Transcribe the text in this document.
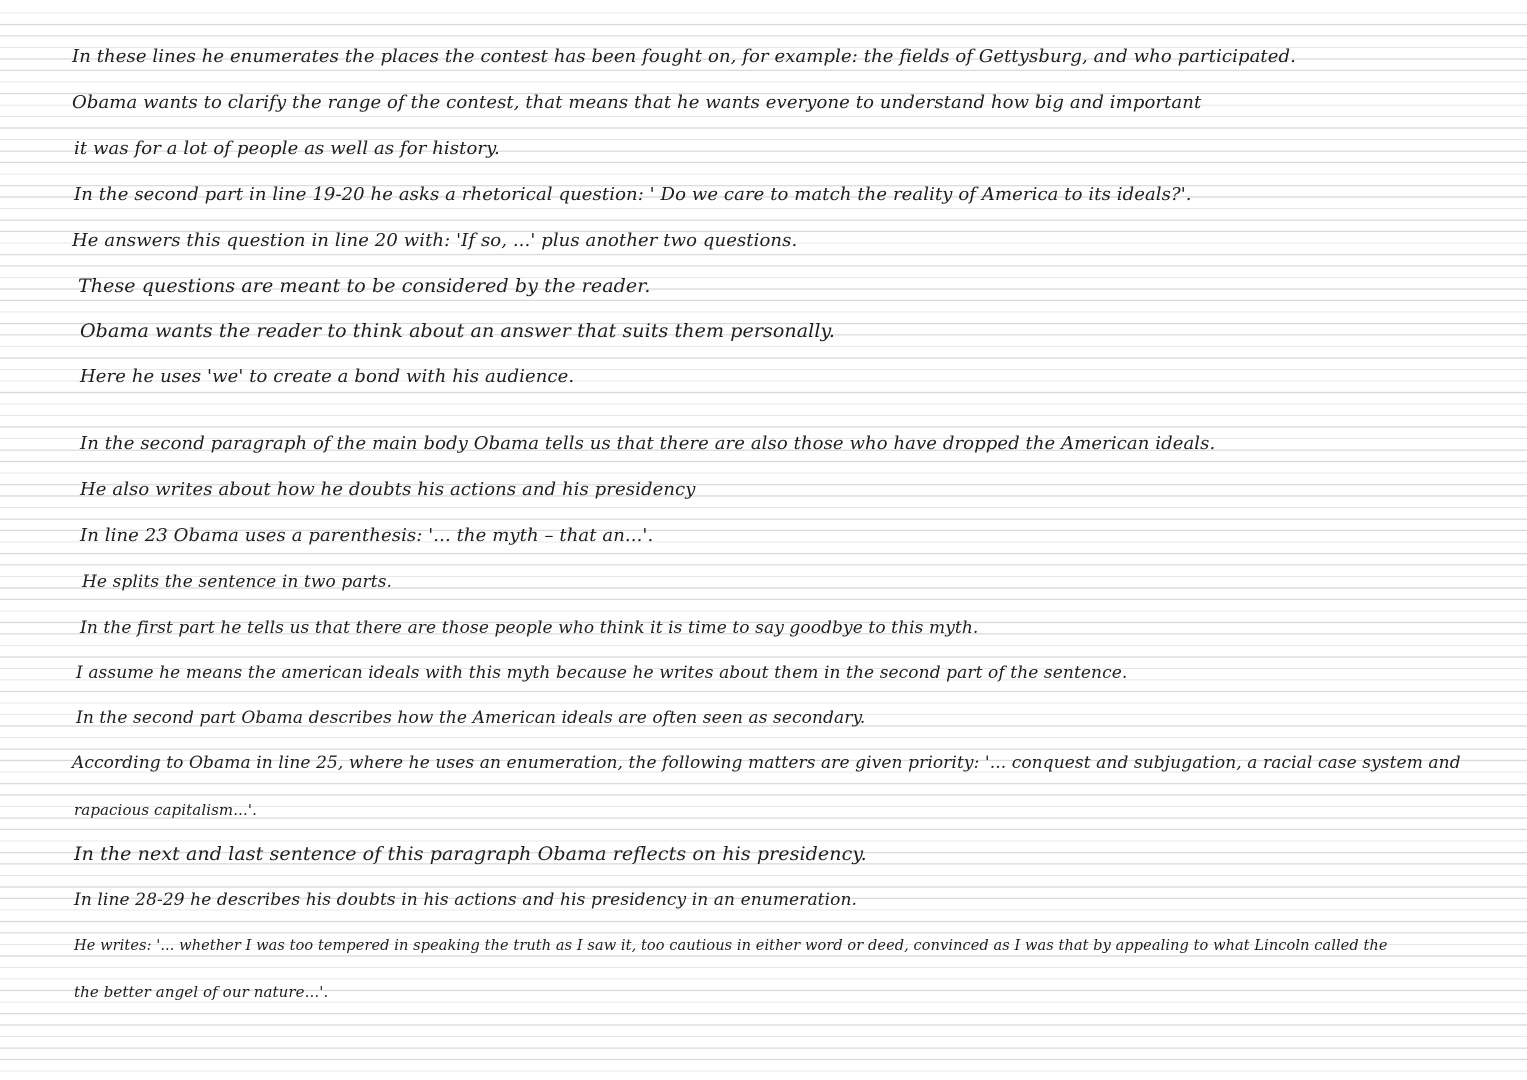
In these lines he enumerates the places the contest has been fought on, for example: the fields of Gettysburg, and who participated.

Obama wants to clarify the range of the contest, that means that he wants everyone to understand how big and important

it was for a lot of people as well as for history.

In the second part in line 19-20 he asks a rhetorical question: ' Do we care to match the reality of America to its ideals?'.

He answers this question in line 20 with: 'If so, ...' plus another two questions.

These questions are meant to be considered by the reader.

Obama wants the reader to think about an answer that suits them personally.

Here he uses 'we' to create a bond with his audience.

In the second paragraph of the main body Obama tells us that there are also those who have dropped the American ideals.

He also writes about how he doubts his actions and his presidency

In line 23 Obama uses a parenthesis: '... the myth – that an...'.

He splits the sentence in two parts.

In the first part he tells us that there are those people who think it is time to say goodbye to this myth.

I assume he means the american ideals with this myth because he writes about them in the second part of the sentence.

In the second part Obama describes how the American ideals are often seen as secondary.

According to Obama in line 25, where he uses an enumeration, the following matters are given priority: '... conquest and subjugation, a racial case system and

rapacious capitalism...'.

In the next and last sentence of this paragraph Obama reflects on his presidency.

In line 28-29 he describes his doubts in his actions and his presidency in an enumeration.

He writes: '... whether I was too tempered in speaking the truth as I saw it, too cautious in either word or deed, convinced as I was that by appealing to what Lincoln called the

the better angel of our nature...'.
